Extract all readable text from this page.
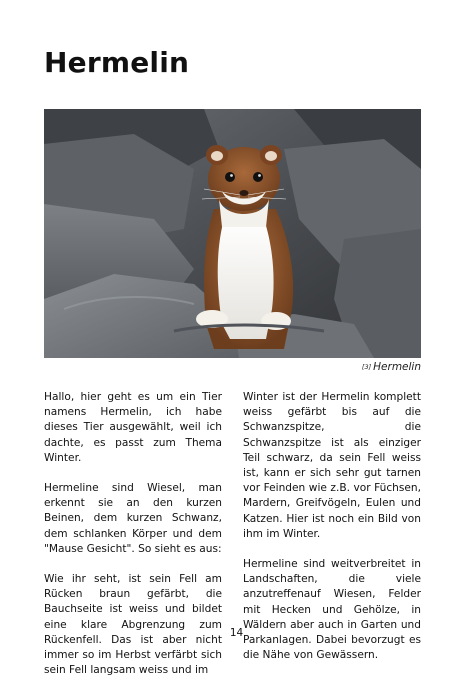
Hermelin
[3] Hermelin

Hallo, hier geht es um ein Tier namens Hermelin, ich habe dieses Tier ausgewählt, weil ich dachte, es passt zum Thema Winter.

Hermeline sind Wiesel, man erkennt sie an den kurzen Beinen, dem kurzen Schwanz, dem schlanken Körper und dem "Mause Gesicht". So sieht es aus:

Wie ihr seht, ist sein Fell am Rücken braun gefärbt, die Bauchseite ist weiss und bildet eine klare Abgrenzung zum Rückenfell. Das ist aber nicht immer so im Herbst verfärbt sich sein Fell langsam weiss und im

Winter ist der Hermelin komplett weiss gefärbt bis auf die Schwanzspitze, die Schwanzspitze ist als einziger Teil schwarz, da sein Fell weiss ist, kann er sich sehr gut tarnen vor Feinden wie z.B. vor Füchsen, Mardern, Greifvögeln, Eulen und Katzen. Hier ist noch ein Bild von ihm im Winter.

Hermeline sind weitverbreitet in Landschaften, die viele anzutreffenauf Wiesen, Felder mit Hecken und Gehölze, in Wäldern aber auch in Garten und Parkanlagen. Dabei bevorzugt es die Nähe von Gewässern.

14
